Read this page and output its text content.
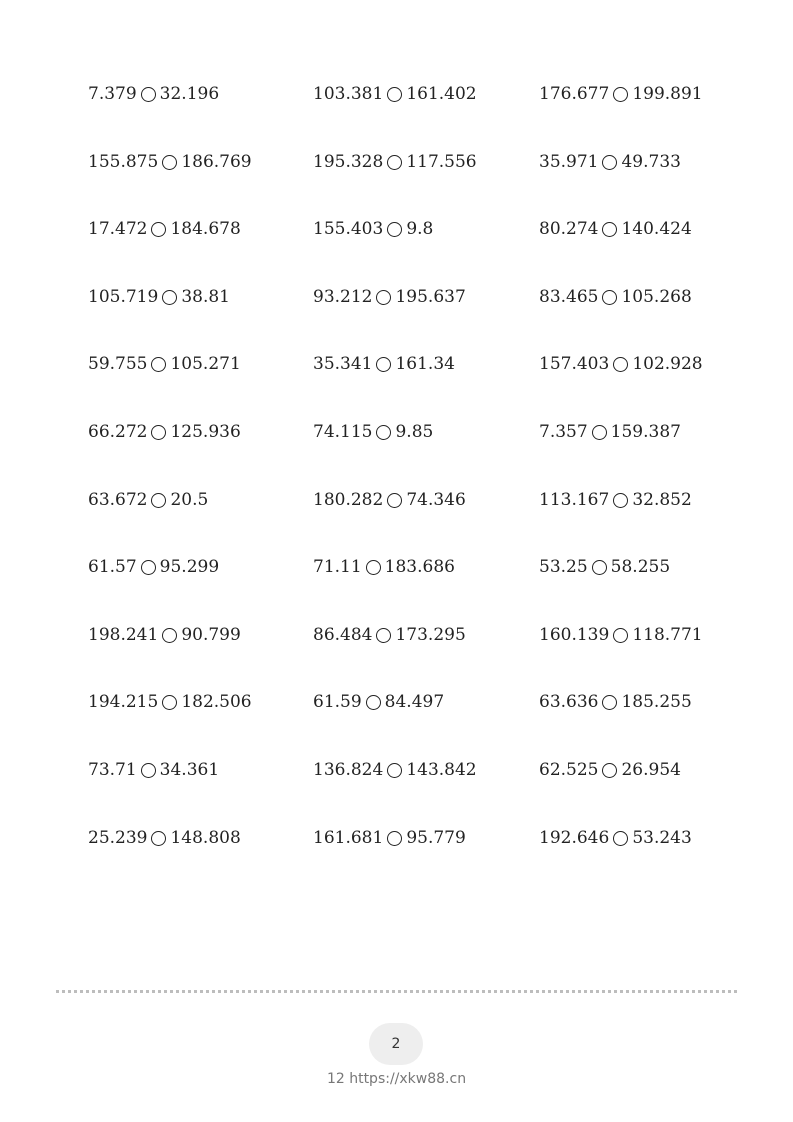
7.379 32.196	103.381 161.402	176.677 199.891
155.875 186.769	195.328 117.556	35.971 49.733
17.472 184.678	155.403 9.8	80.274 140.424
105.719 38.81	93.212 195.637	83.465 105.268
59.755 105.271	35.341 161.34	157.403 102.928
66.272 125.936	74.115 9.85	7.357 159.387
63.672 20.5	180.282 74.346	113.167 32.852
61.57 95.299	71.11 183.686	53.25 58.255
198.241 90.799	86.484 173.295	160.139 118.771
194.215 182.506	61.59 84.497	63.636 185.255
73.71 34.361	136.824 143.842	62.525 26.954
25.239 148.808	161.681 95.779	192.646 53.243
2
12 https://xkw88.cn
